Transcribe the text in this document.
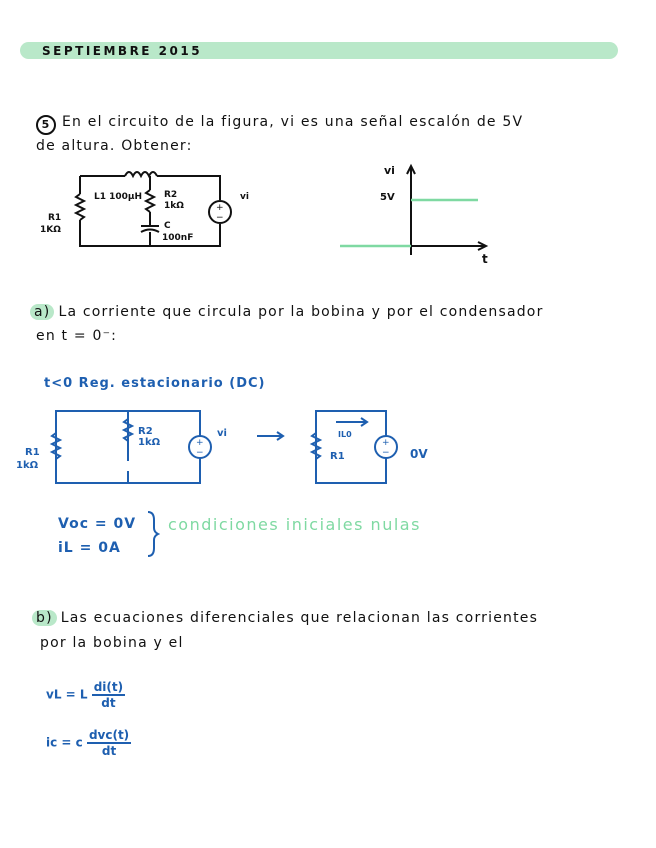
SEPTIEMBRE 2015
5 En el circuito de la figura, vi es una señal escalón de 5V
de altura. Obtener:
+
−
R1
1KΩ
L1 100μH R2
1kΩ
C
100nF
vi
vi
5V
t
a) La corriente que circula por la bobina y por el condensador
en t = 0⁻:
t<0 Reg. estacionario (DC)
+
−
+
−
R1
1kΩ
R2
1kΩ
vi
R1
IL0
0V
Voc = 0V
iL = 0A
condiciones iniciales nulas
b) Las ecuaciones diferenciales que relacionan las corrientes
por la bobina y el
vL = L $\frac{di(t)}{dt}$
ic = c $\frac{\text{dvc(t)}}{dt}$
